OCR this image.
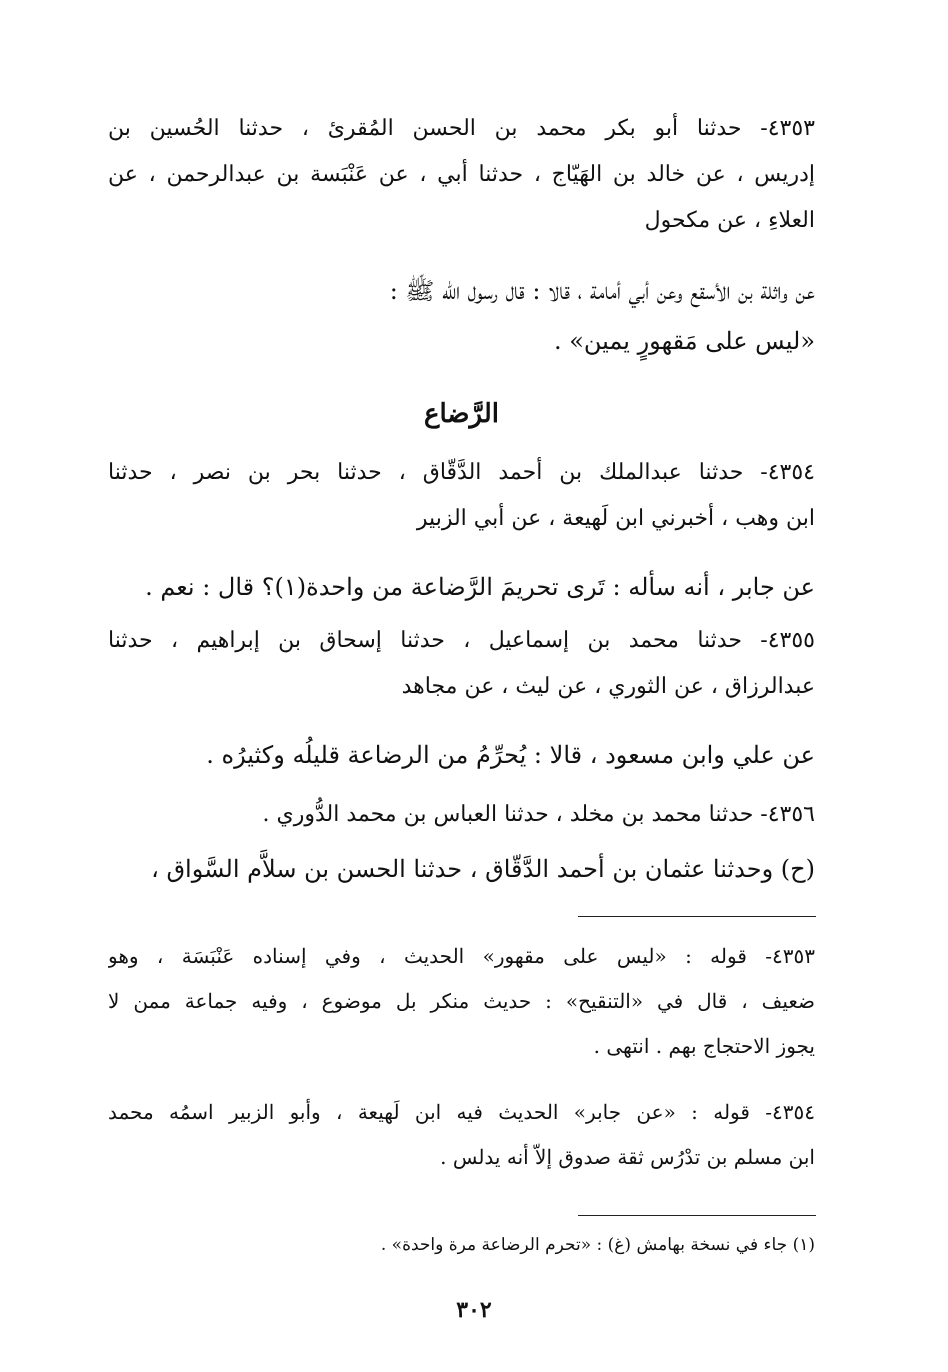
٤٣٥٣- حدثنا أبو بكر محمد بن الحسن المُقرئ ، حدثنا الحُسين بن
إدريس ، عن خالد بن الهَيّاج ، حدثنا أبي ، عن عَنْبَسة بن عبدالرحمن ، عن
العلاءِ ، عن مكحول
عن واثلة بن الأسقع وعن أبي أمامة ، قالا : قال رسول الله ﷺ :
«ليس على مَقهورٍ يمين» .
الرَّضاع
٤٣٥٤- حدثنا عبدالملك بن أحمد الدَّقّاق ، حدثنا بحر بن نصر ، حدثنا
ابن وهب ، أخبرني ابن لَهيعة ، عن أبي الزبير
عن جابر ، أنه سأله : تَرى تحريمَ الرَّضاعة من واحدة(١)؟ قال : نعم .
٤٣٥٥- حدثنا محمد بن إسماعيل ، حدثنا إسحاق بن إبراهيم ، حدثنا
عبدالرزاق ، عن الثوري ، عن ليث ، عن مجاهد
عن علي وابن مسعود ، قالا : يُحرِّمُ من الرضاعة قليلُه وكثيرُه .
٤٣٥٦- حدثنا محمد بن مخلد ، حدثنا العباس بن محمد الدُّوري .
(ح) وحدثنا عثمان بن أحمد الدَّقّاق ، حدثنا الحسن بن سلاَّم السَّواق ،
٤٣٥٣- قوله : «ليس على مقهور» الحديث ، وفي إسناده عَنْبَسَة ، وهو
ضعيف ، قال في «التنقيح» : حديث منكر بل موضوع ، وفيه جماعة ممن لا
يجوز الاحتجاج بهم . انتهى .
٤٣٥٤- قوله : «عن جابر» الحديث فيه ابن لَهيعة ، وأبو الزبير اسمُه محمد
ابن مسلم بن تدْرُس ثقة صدوق إلاّ أنه يدلس .
(١) جاء في نسخة بهامش (غ) : «تحرم الرضاعة مرة واحدة» .
٣٠٢
